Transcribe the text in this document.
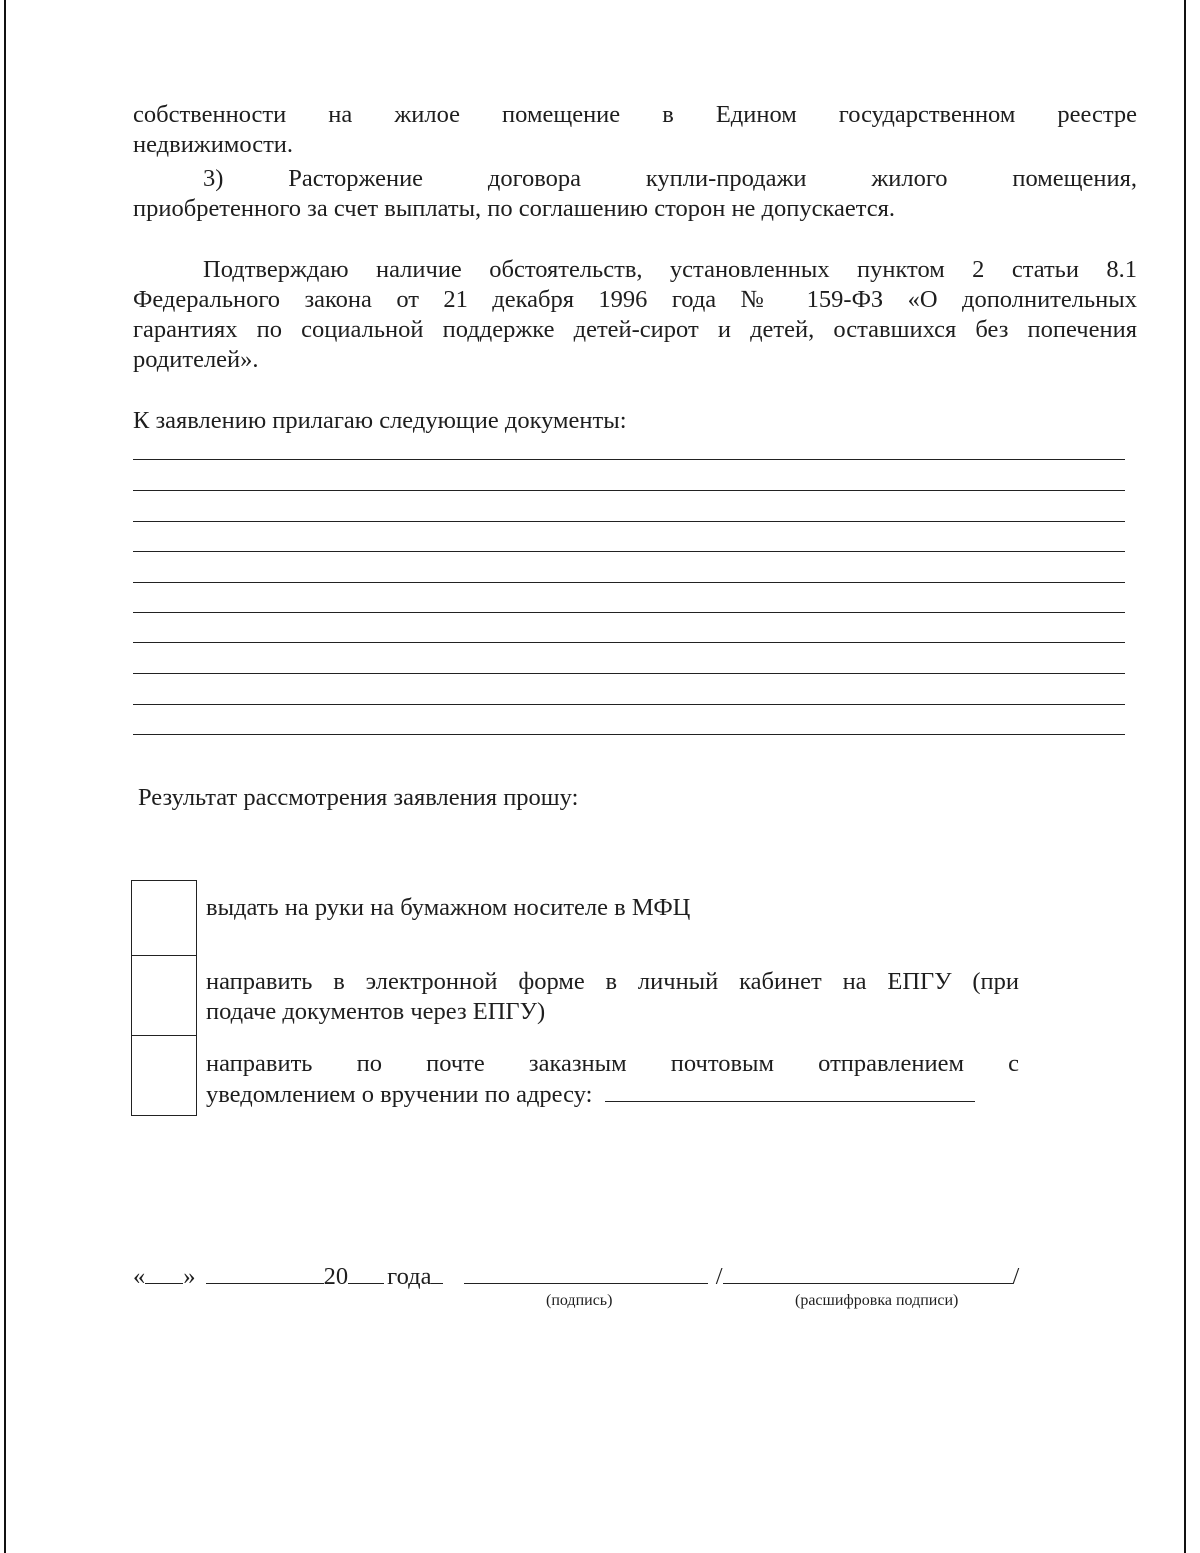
собственности на жилое помещение в Едином государственном реестре
недвижимости.
3) Расторжение договора купли-продажи жилого помещения,
приобретенного за счет выплаты, по соглашению сторон не допускается.
Подтверждаю наличие обстоятельств, установленных пунктом 2 статьи 8.1
Федерального закона от 21 декабря 1996 года № 159-ФЗ «О дополнительных
гарантиях по социальной поддержке детей-сирот и детей, оставшихся без попечения
родителей».
К заявлению прилагаю следующие документы:
Результат рассмотрения заявления прошу:
выдать на руки на бумажном носителе в МФЦ
направить в электронной форме в личный кабинет на ЕПГУ (при
подаче документов через ЕПГУ)
направить по почте заказным почтовым отправлением с
уведомлением о вручении по адресу:
« »	20 года	/	/
(подпись)	(расшифровка подписи)
